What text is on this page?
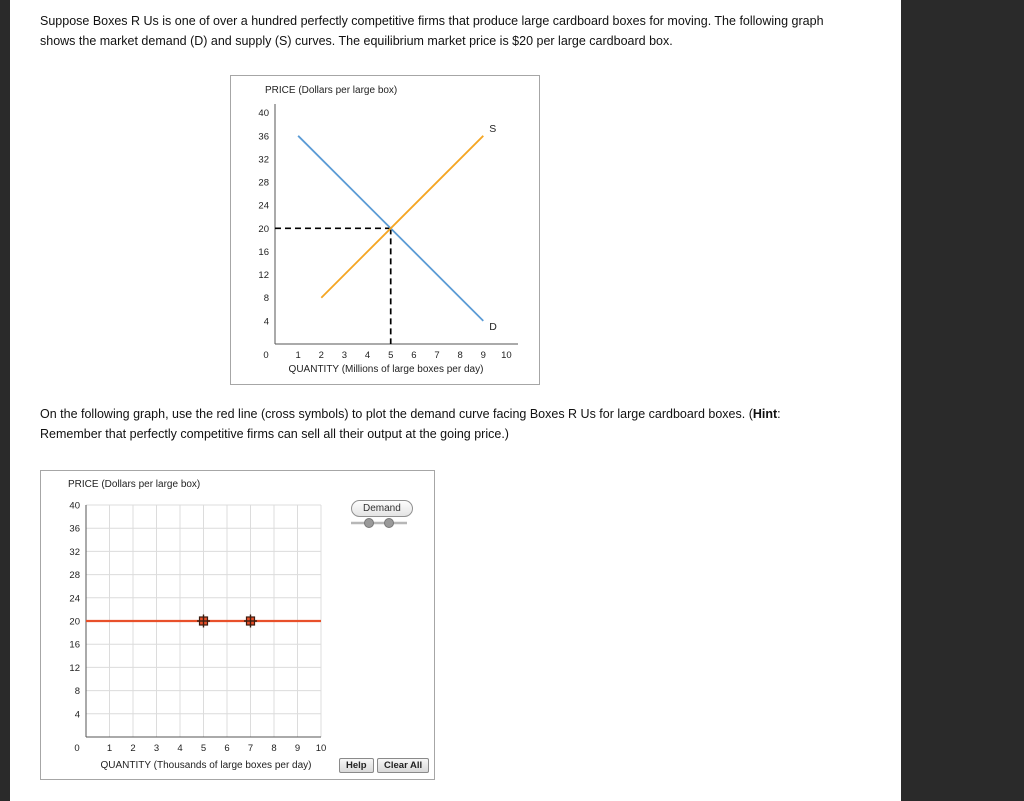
Suppose Boxes R Us is one of over a hundred perfectly competitive firms that produce large cardboard boxes for moving. The following graph
shows the market demand (D) and supply (S) curves. The equilibrium market price is $20 per large cardboard box.

PRICE (Dollars per large box)
4
8
12
16
20
24
28
32
36
40
0	1 2 3 4 5 6 7 8 9 10
D
S
QUANTITY (Millions of large boxes per day)

On the following graph, use the red line (cross symbols) to plot the demand curve facing Boxes R Us for large cardboard boxes. (Hint:
Remember that perfectly competitive firms can sell all their output at the going price.)

PRICE (Dollars per large box)
4
8
12
16
20
24
28
32
36
40
0	1 2 3 4 5 6 7 8 9 10
Demand
QUANTITY (Thousands of large boxes per day)	Help	Clear All
